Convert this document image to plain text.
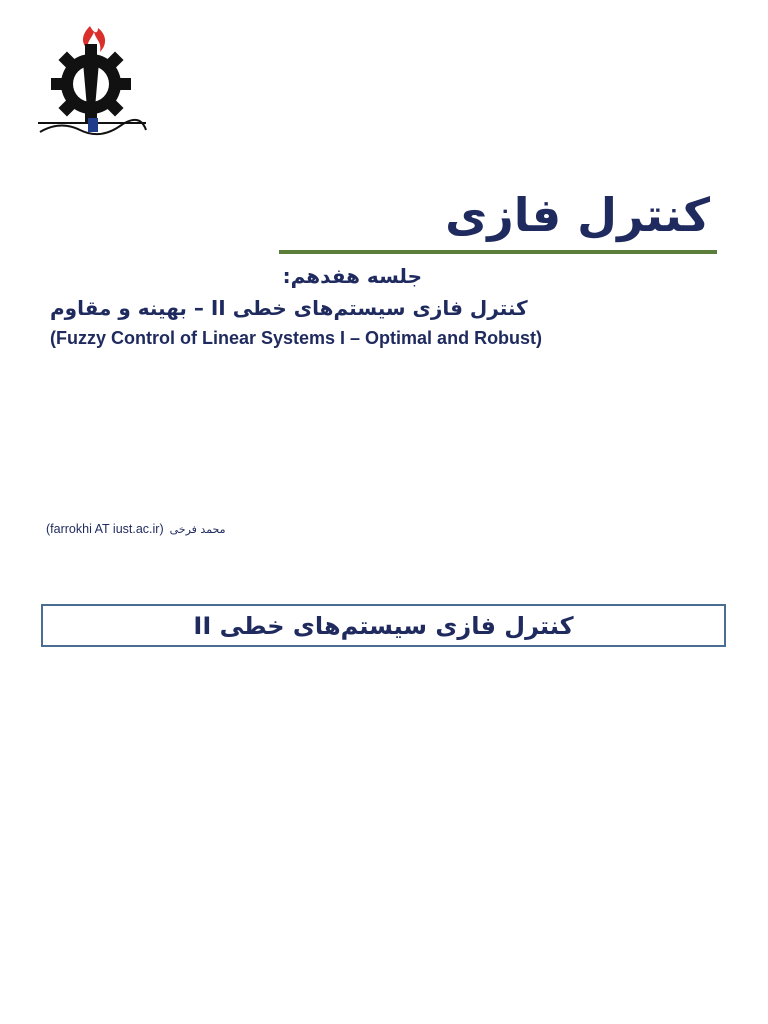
کنترل فازی
جلسه هفدهم:
کنترل فازی سیستم‌های خطی II – بهینه و مقاوم
(Fuzzy Control of Linear Systems I – Optimal and Robust)
محمد فرخی
(farrokhi AT iust.ac.ir)
کنترل فازی سیستم‌های خطی II
